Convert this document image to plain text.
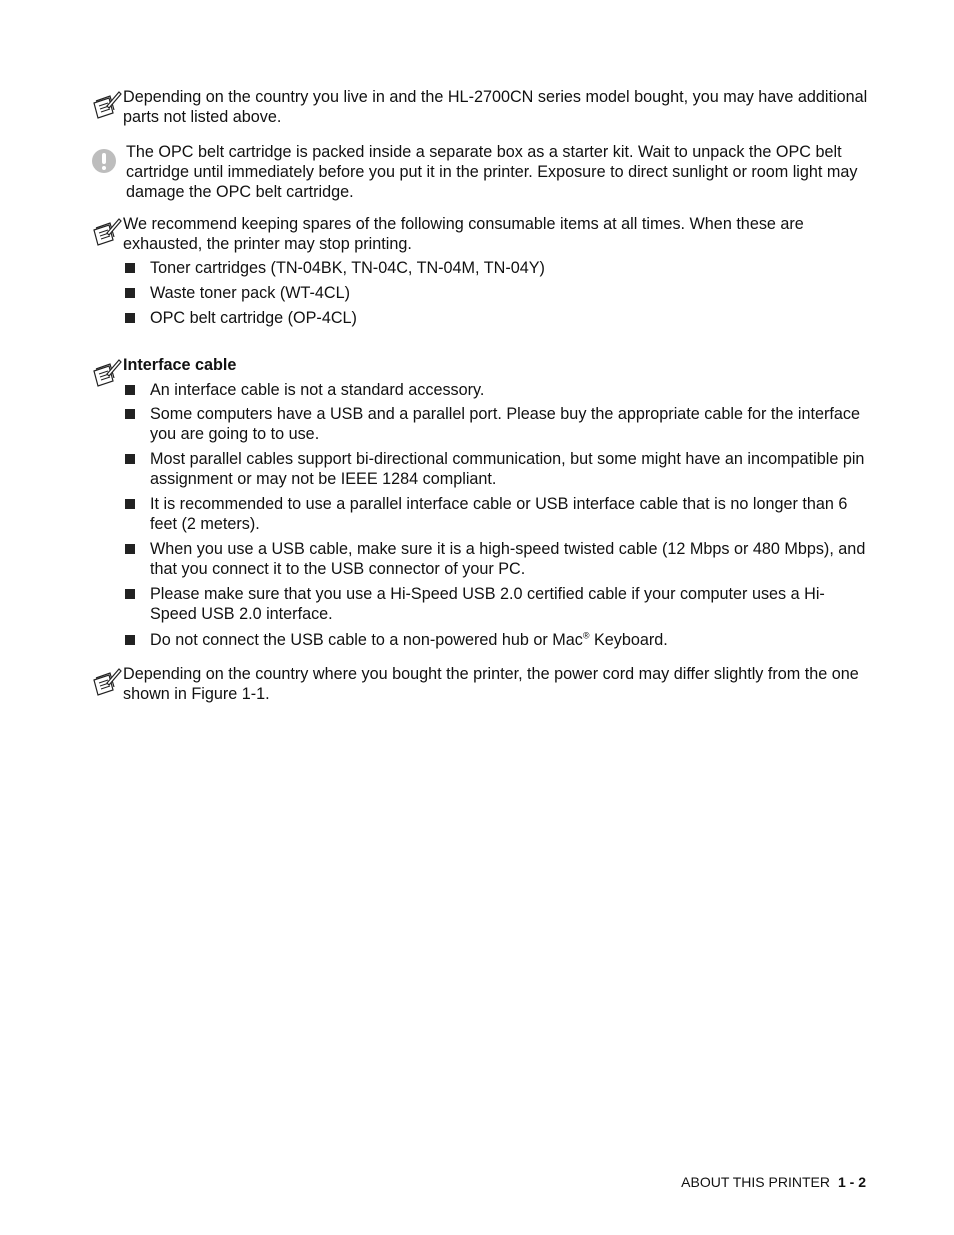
Depending on the country you live in and the HL-2700CN series model bought, you may have additional parts not listed above.
The OPC belt cartridge is packed inside a separate box as a starter kit. Wait to unpack the OPC belt cartridge until immediately before you put it in the printer. Exposure to direct sunlight or room light may damage the OPC belt cartridge.
We recommend keeping spares of the following consumable items at all times. When these are exhausted, the printer may stop printing.
Toner cartridges (TN-04BK, TN-04C, TN-04M, TN-04Y)
Waste toner pack (WT-4CL)
OPC belt cartridge (OP-4CL)
Interface cable
An interface cable is not a standard accessory.
Some computers have a USB and a parallel port. Please buy the appropriate cable for the interface you are going to to use.
Most parallel cables support bi-directional communication, but some might have an incompatible pin assignment or may not be IEEE 1284 compliant.
It is recommended to use a parallel interface cable or USB interface cable that is no longer than 6 feet (2 meters).
When you use a USB cable, make sure it is a high-speed twisted cable (12 Mbps or 480 Mbps), and that you connect it to the USB connector of your PC.
Please make sure that you use a Hi-Speed USB 2.0 certified cable if your computer uses a Hi-Speed USB 2.0 interface.
Do not connect the USB cable to a non-powered hub or Mac® Keyboard.
Depending on the country where you bought the printer, the power cord may differ slightly from the one shown in Figure 1-1.
ABOUT THIS PRINTER 1 - 2
